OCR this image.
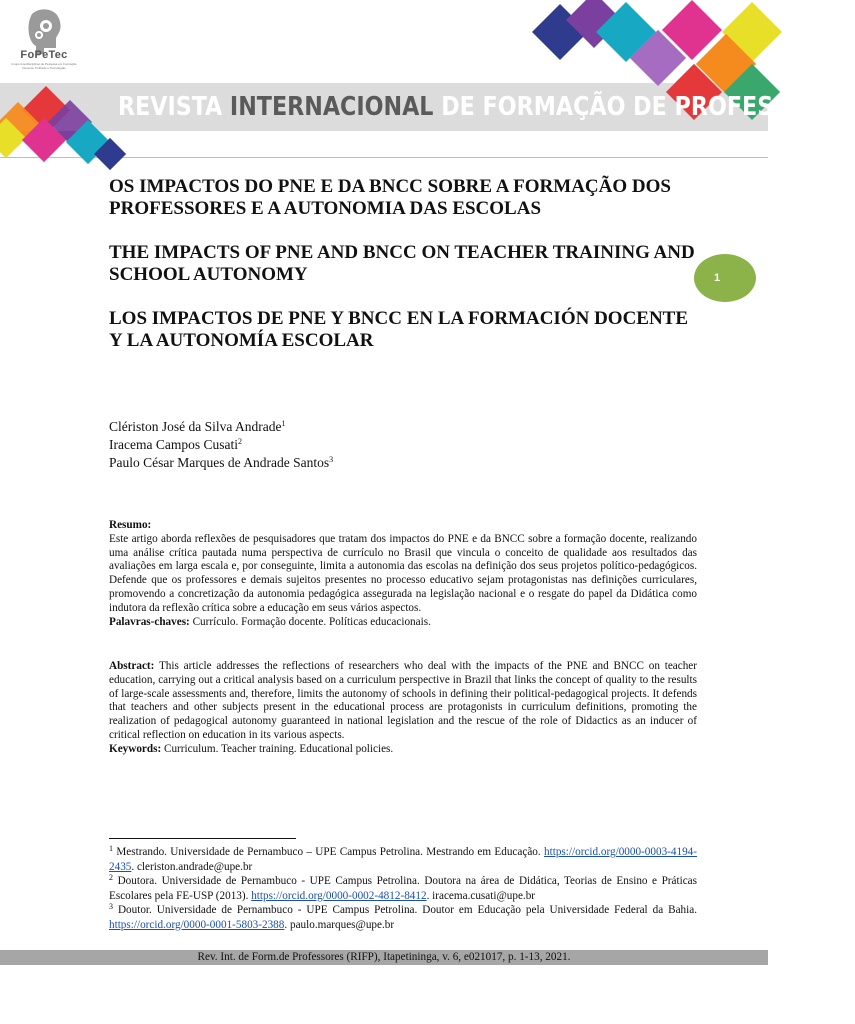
REVISTA INTERNACIONAL DE FORMAÇÃO DE PROFESSORES
FoPeTec
Grupo Interdisciplinar de Pesquisa em Formação Docente, Políticas e Tecnologias
1
OS IMPACTOS DO PNE E DA BNCC SOBRE A FORMAÇÃO DOS PROFESSORES E A AUTONOMIA DAS ESCOLAS
THE IMPACTS OF PNE AND BNCC ON TEACHER TRAINING AND SCHOOL AUTONOMY
LOS IMPACTOS DE PNE Y BNCC EN LA FORMACIÓN DOCENTE Y LA AUTONOMÍA ESCOLAR
Clériston José da Silva Andrade$^1$
Iracema Campos Cusati$^2$
Paulo César Marques de Andrade Santos$^3$

Resumo:

Este artigo aborda reflexões de pesquisadores que tratam dos impactos do PNE e da BNCC sobre a formação docente, realizando uma análise crítica pautada numa perspectiva de currículo no Brasil que vincula o conceito de qualidade aos resultados das avaliações em larga escala e, por conseguinte, limita a autonomia das escolas na definição dos seus projetos político-pedagógicos. Defende que os professores e demais sujeitos presentes no processo educativo sejam protagonistas nas definições curriculares, promovendo a concretização da autonomia pedagógica assegurada na legislação nacional e o resgate do papel da Didática como indutora da reflexão crítica sobre a educação em seus vários aspectos.

Palavras-chaves: Currículo. Formação docente. Políticas educacionais.

Abstract: This article addresses the reflections of researchers who deal with the impacts of the PNE and BNCC on teacher education, carrying out a critical analysis based on a curriculum perspective in Brazil that links the concept of quality to the results of large-scale assessments and, therefore, limits the autonomy of schools in defining their political-pedagogical projects. It defends that teachers and other subjects present in the educational process are protagonists in curriculum definitions, promoting the realization of pedagogical autonomy guaranteed in national legislation and the rescue of the role of Didactics as an inducer of critical reflection on education in its various aspects.

Keywords: Curriculum. Teacher training. Educational policies.

$^1$ Mestrando. Universidade de Pernambuco – UPE Campus Petrolina. Mestrando em Educação. https://orcid.org/0000-0003-4194-2435. cleriston.andrade@upe.br

$^2$ Doutora. Universidade de Pernambuco - UPE Campus Petrolina. Doutora na área de Didática, Teorias de Ensino e Práticas Escolares pela FE-USP (2013). https://orcid.org/0000-0002-4812-8412. iracema.cusati@upe.br

$^3$ Doutor. Universidade de Pernambuco - UPE Campus Petrolina. Doutor em Educação pela Universidade Federal da Bahia. https://orcid.org/0000-0001-5803-2388. paulo.marques@upe.br

Rev. Int. de Form.de Professores (RIFP), Itapetininga, v. 6, e021017, p. 1-13, 2021.
